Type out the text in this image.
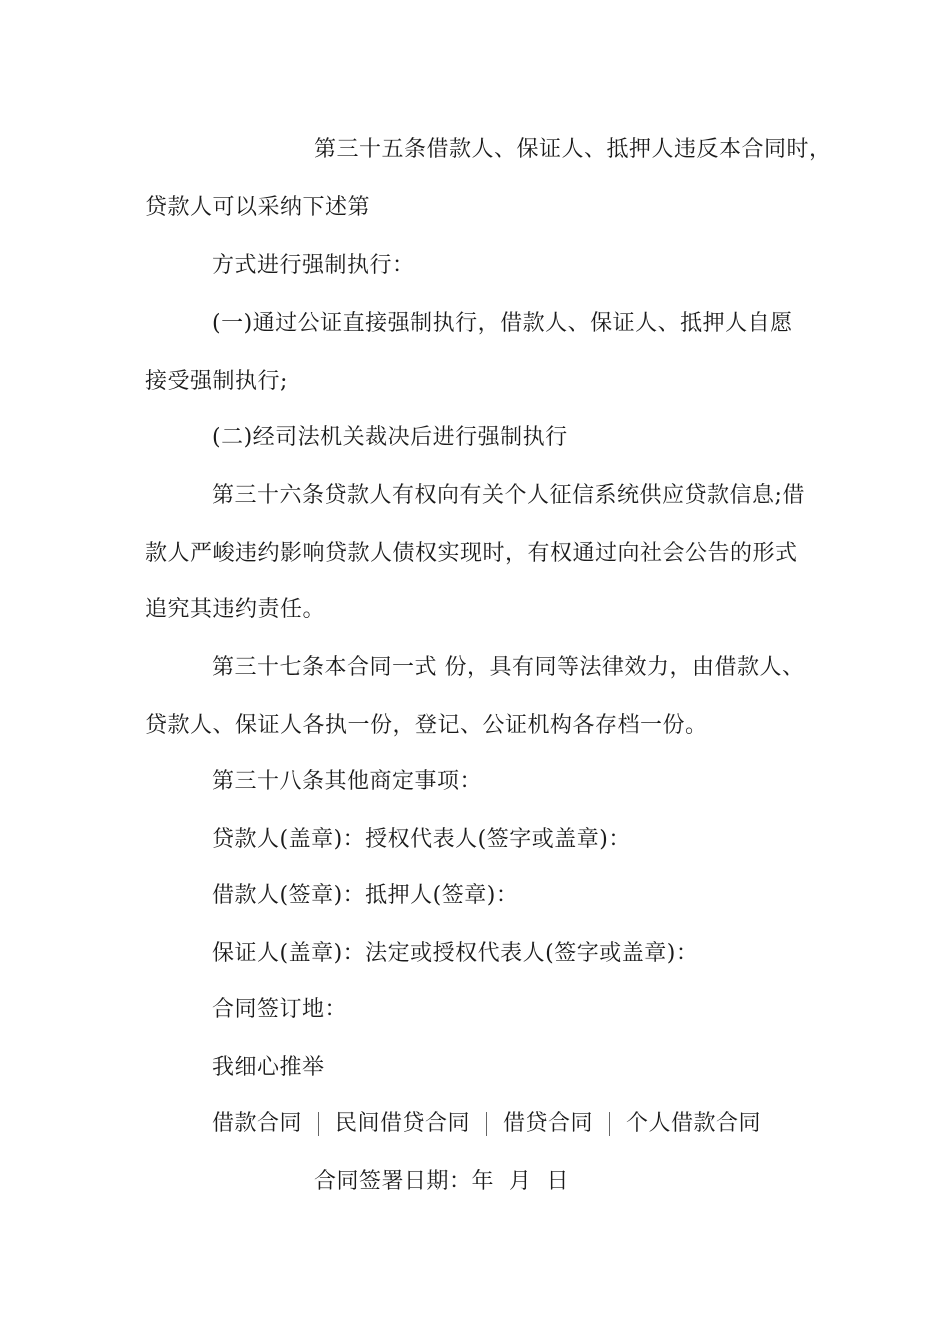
第三十五条借款人、保证人、抵押人违反本合同时，
贷款人可以采纳下述第
方式进行强制执行：
(一)通过公证直接强制执行，借款人、保证人、抵押人自愿
接受强制执行;
(二)经司法机关裁决后进行强制执行
第三十六条贷款人有权向有关个人征信系统供应贷款信息;借
款人严峻违约影响贷款人债权实现时，有权通过向社会公告的形式
追究其违约责任。
第三十七条本合同一式 份，具有同等法律效力，由借款人、
贷款人、保证人各执一份，登记、公证机构各存档一份。
第三十八条其他商定事项：
贷款人(盖章)：授权代表人(签字或盖章)：
借款人(签章)：抵押人(签章)：
保证人(盖章)：法定或授权代表人(签字或盖章)：
合同签订地：
我细心推举
借款合同 民间借贷合同 借贷合同 个人借款合同
合同签署日期：年  月  日
